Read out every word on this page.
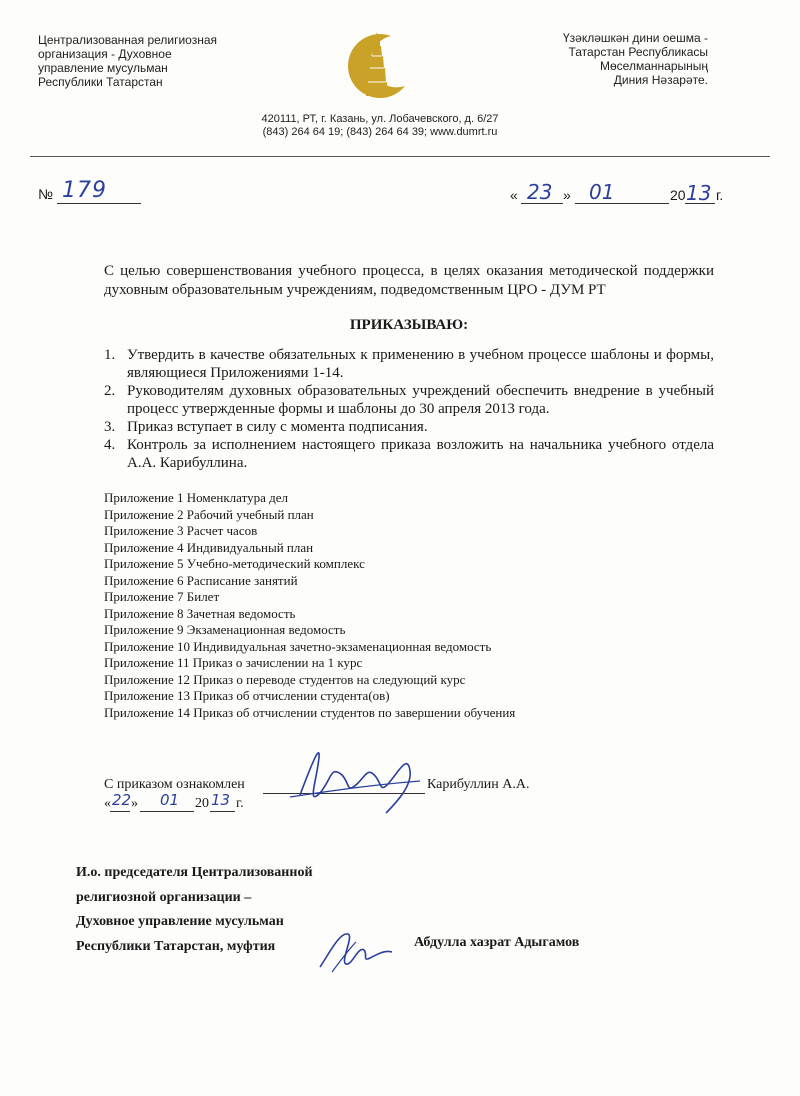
Централизованная религиозная
организация - Духовное
управление мусульман
Республики Татарстан
Үзәклəшкəн дини оешма -
Татарстан Республикасы
Мөселманнарының
Диния Нəзарəте.
420111, РТ, г. Казань, ул. Лобачевского, д. 6/27
(843) 264 64 19; (843) 264 64 39; www.dumrt.ru
№ 179	« 23 » 01	20 13 г.
С целью совершенствования учебного процесса, в целях оказания методической поддержки духовным образовательным учреждениям, подведомственным ЦРО - ДУМ РТ
ПРИКАЗЫВАЮ:
1. Утвердить в качестве обязательных к применению в учебном процессе шаблоны и формы, являющиеся Приложениями 1-14.
2. Руководителям духовных образовательных учреждений обеспечить внедрение в учебный процесс утвержденные формы и шаблоны до 30 апреля 2013 года.
3. Приказ вступает в силу с момента подписания.
4. Контроль за исполнением настоящего приказа возложить на начальника учебного отдела А.А. Карибуллина.
Приложение 1 Номенклатура дел
Приложение 2 Рабочий учебный план
Приложение 3 Расчет часов
Приложение 4 Индивидуальный план
Приложение 5 Учебно-методический комплекс
Приложение 6 Расписание занятий
Приложение 7 Билет
Приложение 8 Зачетная ведомость
Приложение 9 Экзаменационная ведомость
Приложение 10 Индивидуальная зачетно-экзаменационная ведомость
Приложение 11 Приказ о зачислении на 1 курс
Приложение 12 Приказ о переводе студентов на следующий курс
Приложение 13 Приказ об отчислении студента(ов)
Приложение 14 Приказ об отчислении студентов по завершении обучения
С приказом ознакомлен	Карибуллин А.А.
« 22 » 01 20 13 г.
И.о. председателя Централизованной
религиозной организации –
Духовное управление мусульман
Республики Татарстан, муфтия	Абдулла хазрат Адыгамов
